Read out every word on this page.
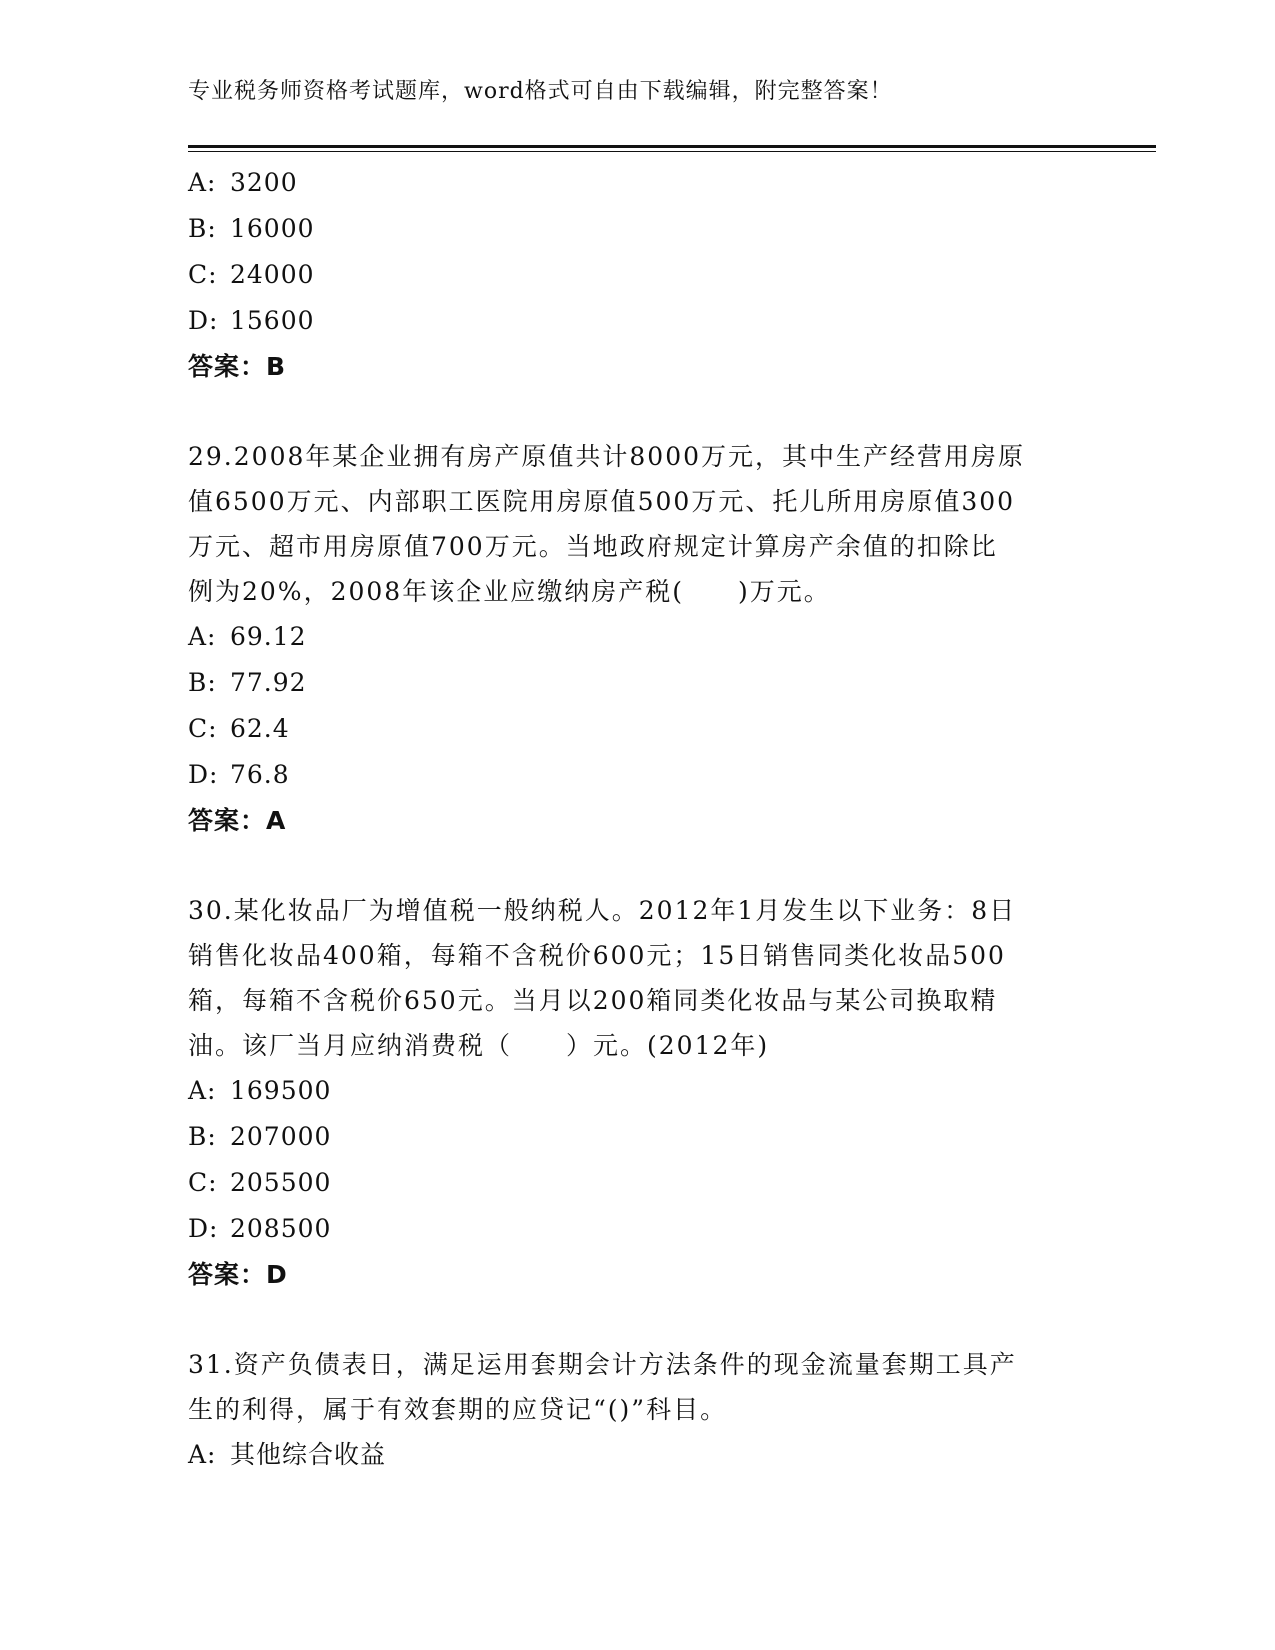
专业税务师资格考试题库，word格式可自由下载编辑，附完整答案！
A: 3200
B: 16000
C: 24000
D: 15600
答案：B
29.2008年某企业拥有房产原值共计8000万元，其中生产经营用房原
值6500万元、内部职工医院用房原值500万元、托儿所用房原值300
万元、超市用房原值700万元。当地政府规定计算房产余值的扣除比
例为20%，2008年该企业应缴纳房产税(　　)万元。
A: 69.12
B: 77.92
C: 62.4
D: 76.8
答案：A
30.某化妆品厂为增值税一般纳税人。2012年1月发生以下业务：8日
销售化妆品400箱，每箱不含税价600元；15日销售同类化妆品500
箱，每箱不含税价650元。当月以200箱同类化妆品与某公司换取精
油。该厂当月应纳消费税（　　）元。(2012年)
A: 169500
B: 207000
C: 205500
D: 208500
答案：D
31.资产负债表日，满足运用套期会计方法条件的现金流量套期工具产
生的利得，属于有效套期的应贷记“()”科目。
A: 其他综合收益
